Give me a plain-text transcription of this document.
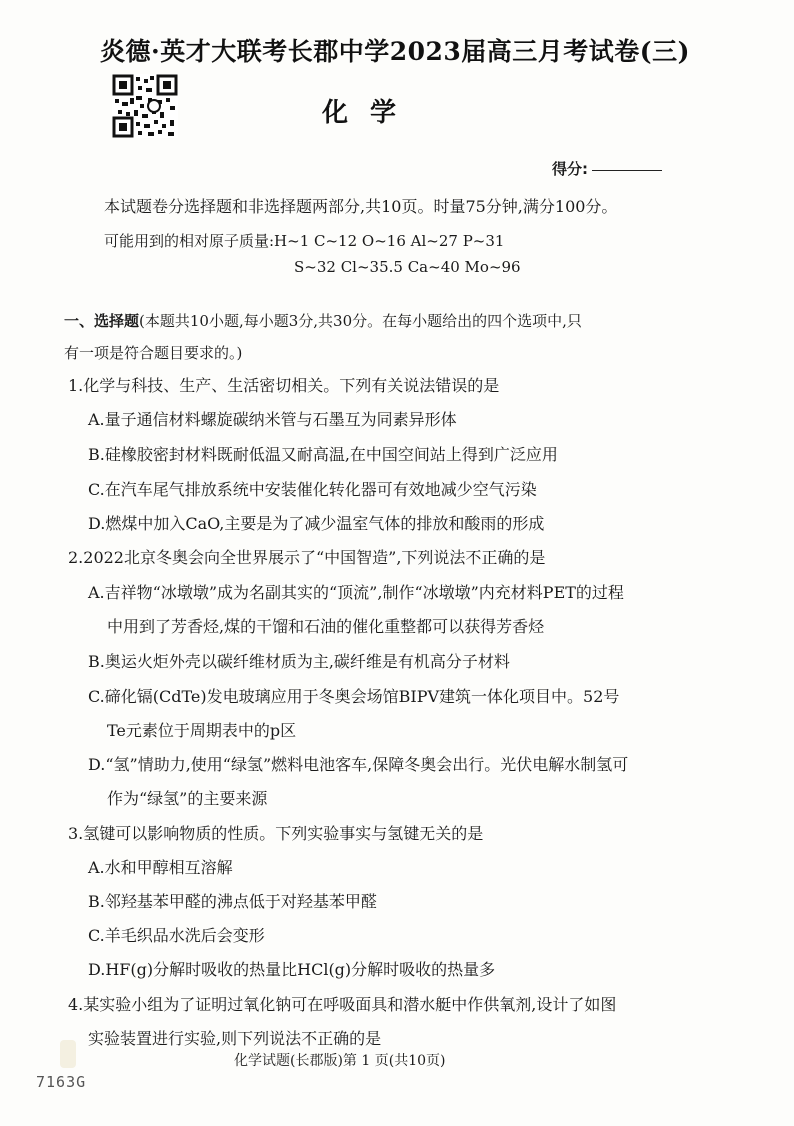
炎德·英才大联考长郡中学2023届高三月考试卷(三)
化学
得分:
本试题卷分选择题和非选择题两部分,共10页。时量75分钟,满分100分。
可能用到的相对原子质量:H~1 C~12 O~16 Al~27 P~31
S~32 Cl~35.5 Ca~40 Mo~96
一、选择题(本题共10小题,每小题3分,共30分。在每小题给出的四个选项中,只
有一项是符合题目要求的。)
1.化学与科技、生产、生活密切相关。下列有关说法错误的是
A.量子通信材料螺旋碳纳米管与石墨互为同素异形体
B.硅橡胶密封材料既耐低温又耐高温,在中国空间站上得到广泛应用
C.在汽车尾气排放系统中安装催化转化器可有效地减少空气污染
D.燃煤中加入CaO,主要是为了减少温室气体的排放和酸雨的形成
2.2022北京冬奥会向全世界展示了“中国智造”,下列说法不正确的是
A.吉祥物“冰墩墩”成为名副其实的“顶流”,制作“冰墩墩”内充材料PET的过程
中用到了芳香烃,煤的干馏和石油的催化重整都可以获得芳香烃
B.奥运火炬外壳以碳纤维材质为主,碳纤维是有机高分子材料
C.碲化镉(CdTe)发电玻璃应用于冬奥会场馆BIPV建筑一体化项目中。52号
Te元素位于周期表中的p区
D.“氢”情助力,使用“绿氢”燃料电池客车,保障冬奥会出行。光伏电解水制氢可
作为“绿氢”的主要来源
3.氢键可以影响物质的性质。下列实验事实与氢键无关的是
A.水和甲醇相互溶解
B.邻羟基苯甲醛的沸点低于对羟基苯甲醛
C.羊毛织品水洗后会变形
D.HF(g)分解时吸收的热量比HCl(g)分解时吸收的热量多
4.某实验小组为了证明过氧化钠可在呼吸面具和潜水艇中作供氧剂,设计了如图
实验装置进行实验,则下列说法不正确的是
化学试题(长郡版)第 1 页(共10页)
7163G
